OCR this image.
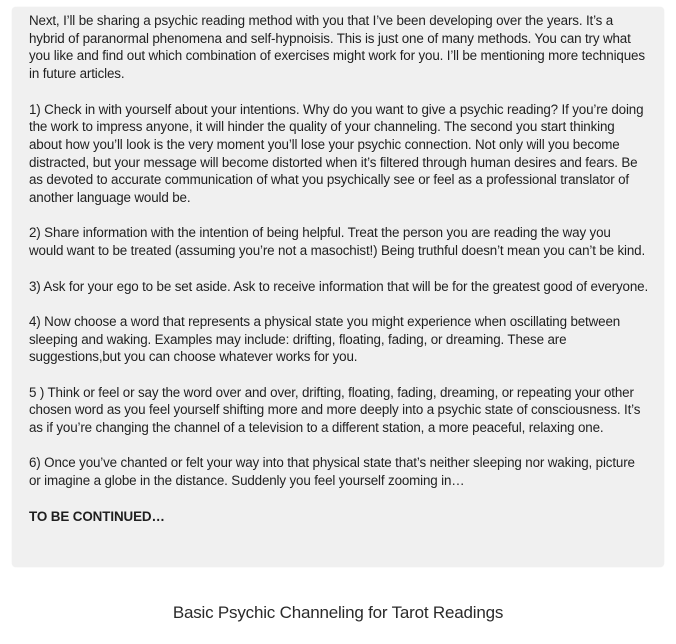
Next, I’ll be sharing a psychic reading method with you that I’ve been developing over the years. It’s a hybrid of paranormal phenomena and self-hypnoisis. This is just one of many methods. You can try what you like and find out which combination of exercises might work for you. I’ll be mentioning more techniques in future articles.

1) Check in with yourself about your intentions. Why do you want to give a psychic reading? If you’re doing the work to impress anyone, it will hinder the quality of your channeling. The second you start thinking about how you’ll look is the very moment you’ll lose your psychic connection. Not only will you become distracted, but your message will become distorted when it’s filtered through human desires and fears. Be as devoted to accurate communication of what you psychically see or feel as a professional translator of another language would be.

2) Share information with the intention of being helpful. Treat the person you are reading the way you would want to be treated (assuming you’re not a masochist!) Being truthful doesn’t mean you can’t be kind.

3) Ask for your ego to be set aside. Ask to receive information that will be for the greatest good of everyone.

4) Now choose a word that represents a physical state you might experience when oscillating between sleeping and waking. Examples may include: drifting, floating, fading, or dreaming. These are suggestions,but you can choose whatever works for you.

5 ) Think or feel or say the word over and over, drifting, floating, fading, dreaming, or repeating your other chosen word as you feel yourself shifting more and more deeply into a psychic state of consciousness. It’s as if you’re changing the channel of a television to a different station, a more peaceful, relaxing one.

6) Once you’ve chanted or felt your way into that physical state that’s neither sleeping nor waking, picture or imagine a globe in the distance. Suddenly you feel yourself zooming in…

TO BE CONTINUED…

Basic Psychic Channeling for Tarot Readings
